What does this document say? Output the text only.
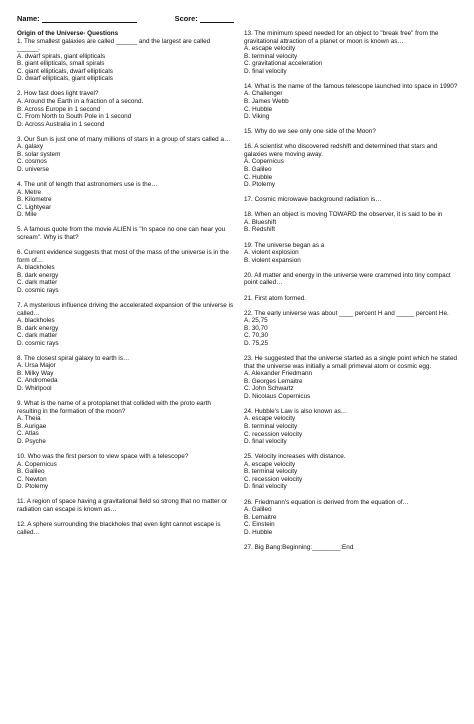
Name:	Score:
Origin of the Universe- Questions

1. The smallest galaxies are called ______ and the largest are called ______.

A. dwarf spirals, giant ellipticals
B. giant ellipticals, small spirals
C. giant ellipticals, dwarf ellipticals
D. dwarf ellipticals, giant ellipticals

2. How fast does light travel?

A. Around the Earth in a fraction of a second.
B. Across Europe in 1 second
C. From North to South Pole in 1 second
D. Across Australia in 1 second

3. Our Sun is just one of many millions of stars in a group of stars called a…

A. galaxy
B. solar system
C. cosmos
D. universe

4. The unit of length that astronomers use is the…

A. Metre
B. Kilometre
C. Lightyear
D. Mile

5. A famous quote from the movie ALIEN is "In space no one can hear you scream". Why is that?

6. Current evidence suggests that most of the mass of the universe is in the form of…

A. blackholes
B. dark energy
C. dark matter
D. cosmic rays

7. A mysterious influence driving the accelerated expansion of the universe is called…

A. blackholes
B. dark energy
C. dark matter
D. cosmic rays

8. The closest spiral galaxy to earth is…

A. Ursa Major
B. Milky Way
C. Andromeda
D. Whirlpool

9. What is the name of a protoplanet that collided with the proto earth resulting in the formation of the moon?

A. Theia
B. Aurigae
C. Atlas
D. Psyche

10. Who was the first person to view space with a telescope?

A. Copernicus
B. Galileo
C. Newton
D. Ptolemy

11. A region of space having a gravitational field so strong that no matter or radiation can escape is known as…

12. A sphere surrounding the blackholes that even light cannot escape is called…

13. The minimum speed needed for an object to "break free" from the gravitational attraction of a planet or moon is known as…

A. escape velocity
B. terminal velocity
C. gravitational acceleration
D. final velocity

14. What is the name of the famous telescope launched into space in 1990?

A. Challenger
B. James Webb
C. Hubble
D. Viking

15. Why do we see only one side of the Moon?

16. A scientist who discovered redshift and determined that stars and galaxies were moving away.

A. Copernicus
B. Galileo
C. Hubble
D. Ptolemy

17. Cosmic microwave background radiation is…

18. When an object is moving TOWARD the observer, it is said to be in

A. Blueshift
B. Redshift

19. The universe began as a

A. violent explosion
B. violent expansion

20. All matter and energy in the universe were crammed into tiny compact point called…

21. First atom formed.

22. The early universe was about ____ percent H and _____ percent He.

A. 25,75
B. 30,70
C. 70,30
D. 75,25

23. He suggested that the universe started as a single point which he stated that the universe was initially a small primeval atom or cosmic egg.

A. Alexander Friedmann
B. Georges Lemaitre
C. John Schwartz
D. Nicolaus Copernicus

24. Hubble's Law is also known as…

A. escape velocity
B. terminal velocity
C. recession velocity
D. final velocity

25. Velocity increases with distance.

A. escape velocity
B. terminal velocity
C. recession velocity
D. final velocity

26. Friedmann's equation is derived from the equation of…

A. Galileo
B. Lemaitre
C. Einstein
D. Hubble

27. Big Bang:Beginning:________:End
